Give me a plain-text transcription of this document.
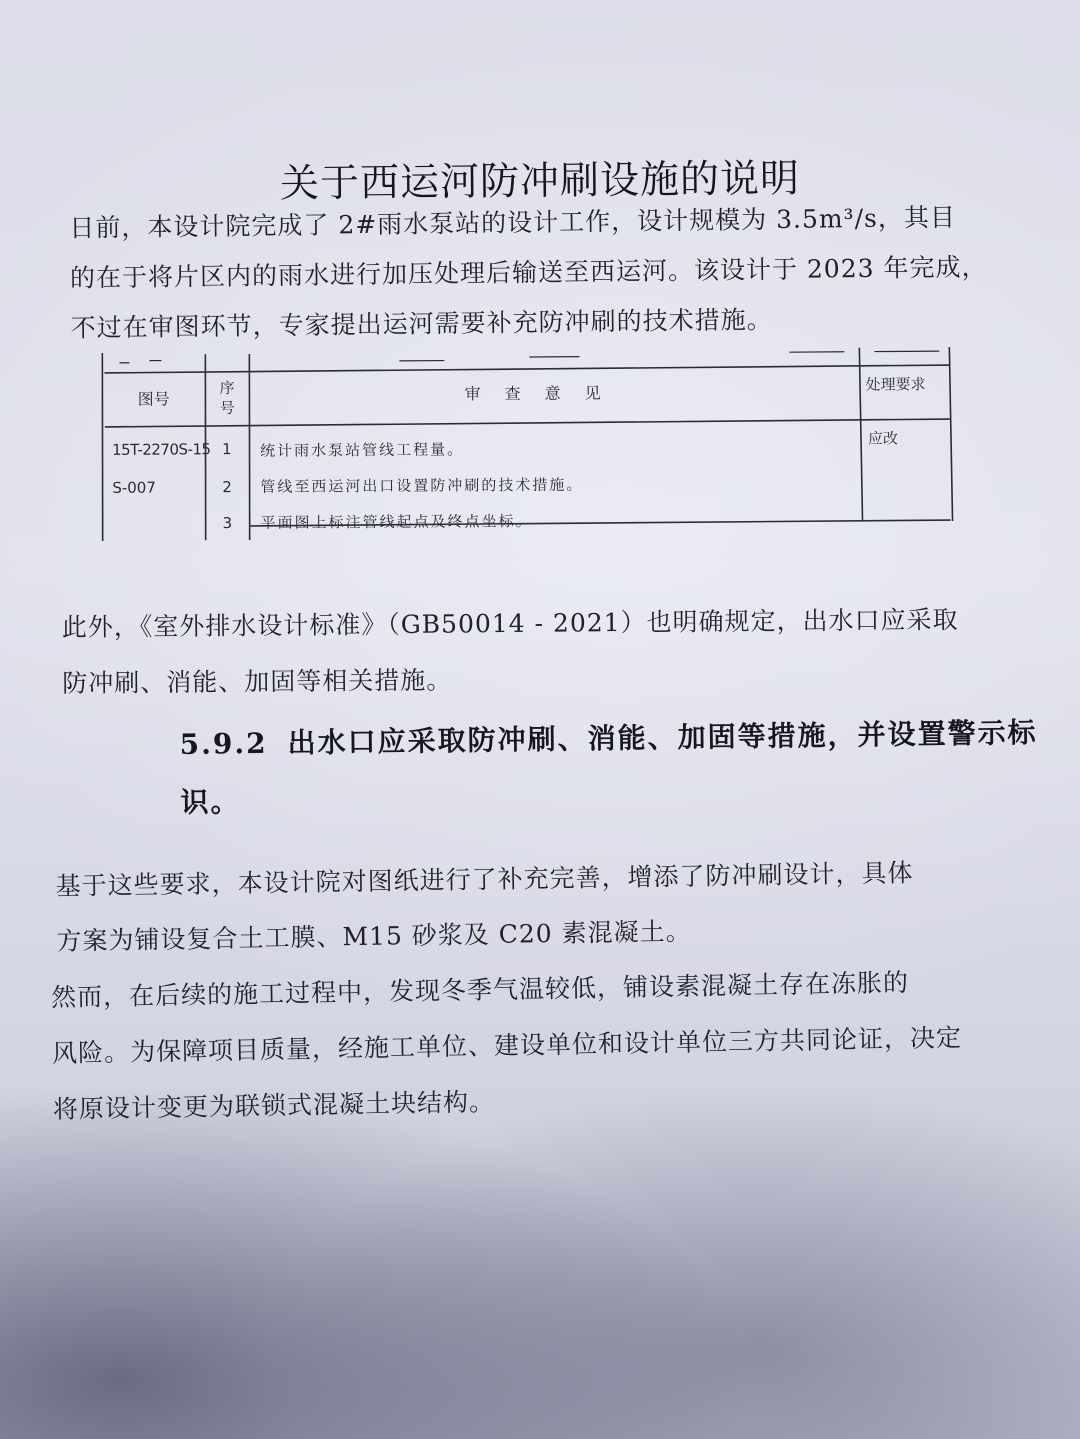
关于西运河防冲刷设施的说明
日前，本设计院完成了 2#雨水泵站的设计工作，设计规模为 3.5m³/s，其目
的在于将片区内的雨水进行加压处理后输送至西运河。该设计于 2023 年完成，
不过在审图环节，专家提出运河需要补充防冲刷的技术措施。
图号
序号
审查意见	处理要求
15T-2270S-15
S-007
1
2
3
统计雨水泵站管线工程量。
管线至西运河出口设置防冲刷的技术措施。
平面图上标注管线起点及终点坐标。
应改
此外，《室外排水设计标准》（GB50014 - 2021）也明确规定，出水口应采取
防冲刷、消能、加固等相关措施。
5.9.2 出水口应采取防冲刷、消能、加固等措施，并设置警示标
识。
基于这些要求，本设计院对图纸进行了补充完善，增添了防冲刷设计，具体
方案为铺设复合土工膜、M15 砂浆及 C20 素混凝土。
然而，在后续的施工过程中，发现冬季气温较低，铺设素混凝土存在冻胀的
风险。为保障项目质量，经施工单位、建设单位和设计单位三方共同论证，决定
将原设计变更为联锁式混凝土块结构。
